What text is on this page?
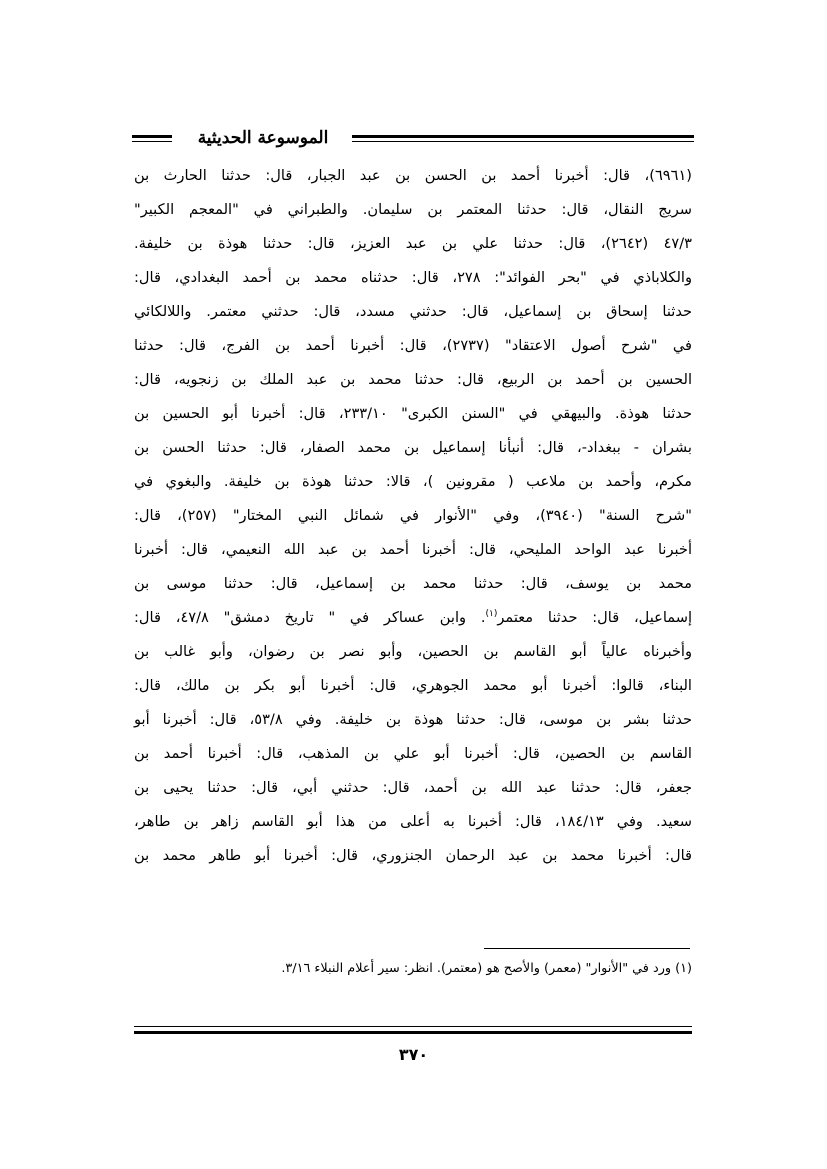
الموسوعة الحديثية
(٦٩٦١)، قال: أخبرنا أحمد بن الحسن بن عبد الجبار، قال: حدثنا الحارث بن
سريج النقال، قال: حدثنا المعتمر بن سليمان. والطبراني في "المعجم الكبير"
٤٧/٣ (٢٦٤٢)، قال: حدثنا علي بن عبد العزيز، قال: حدثنا هوذة بن خليفة.
والكلاباذي في "بحر الفوائد": ٢٧٨، قال: حدثناه محمد بن أحمد البغدادي، قال:
حدثنا إسحاق بن إسماعيل، قال: حدثني مسدد، قال: حدثني معتمر. واللالكائي
في "شرح أصول الاعتقاد" (٢٧٣٧)، قال: أخبرنا أحمد بن الفرج، قال: حدثنا
الحسين بن أحمد بن الربيع، قال: حدثنا محمد بن عبد الملك بن زنجويه، قال:
حدثنا هوذة. والبيهقي في "السنن الكبرى" ٢٣٣/١٠، قال: أخبرنا أبو الحسين بن
بشران - ببغداد-، قال: أنبأنا إسماعيل بن محمد الصفار، قال: حدثنا الحسن بن
مكرم، وأحمد بن ملاعب ( مقرونين )، قالا: حدثنا هوذة بن خليفة. والبغوي في
"شرح السنة" (٣٩٤٠)، وفي "الأنوار في شمائل النبي المختار" (٢٥٧)، قال:
أخبرنا عبد الواحد المليحي، قال: أخبرنا أحمد بن عبد الله النعيمي، قال: أخبرنا
محمد بن يوسف، قال: حدثنا محمد بن إسماعيل، قال: حدثنا موسى بن
إسماعيل، قال: حدثنا معتمر$^{(١)}$. وابن عساكر في " تاريخ دمشق" ٤٧/٨، قال:
وأخبرناه عالياً أبو القاسم بن الحصين، وأبو نصر بن رضوان، وأبو غالب بن
البناء، قالوا: أخبرنا أبو محمد الجوهري، قال: أخبرنا أبو بكر بن مالك، قال:
حدثنا بشر بن موسى، قال: حدثنا هوذة بن خليفة. وفي ٥٣/٨، قال: أخبرنا أبو
القاسم بن الحصين، قال: أخبرنا أبو علي بن المذهب، قال: أخبرنا أحمد بن
جعفر، قال: حدثنا عبد الله بن أحمد، قال: حدثني أبي، قال: حدثنا يحيى بن
سعيد. وفي ١٨٤/١٣، قال: أخبرنا به أعلى من هذا أبو القاسم زاهر بن طاهر،
قال: أخبرنا محمد بن عبد الرحمان الجنزوري، قال: أخبرنا أبو طاهر محمد بن
(١) ورد في "الأنوار" (معمر) والأصح هو (معتمر). انظر: سير أعلام النبلاء ٣/١٦.
٣٧٠
